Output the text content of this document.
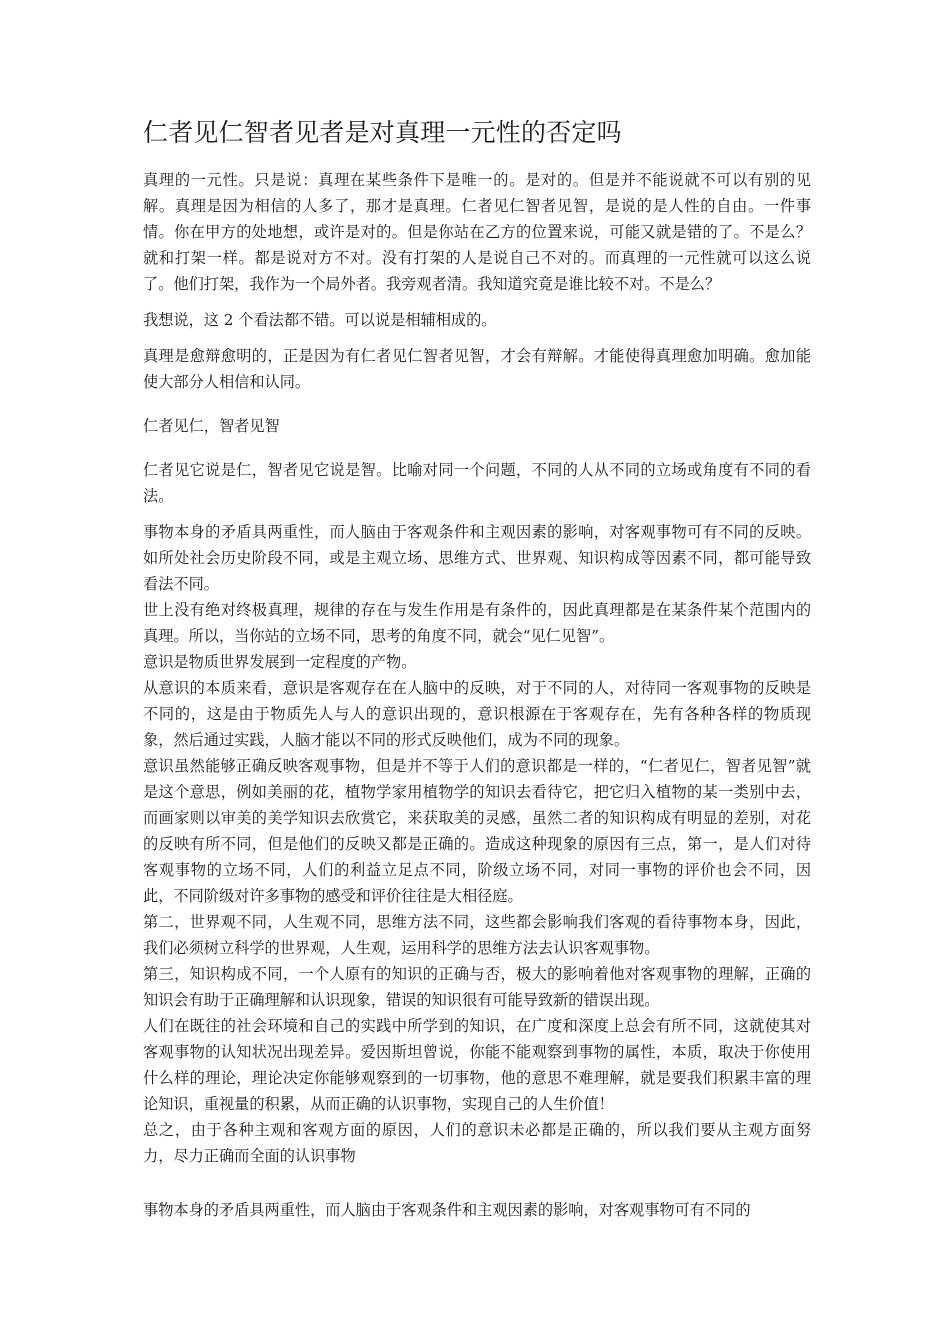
仁者见仁智者见者是对真理一元性的否定吗

真理的一元性。只是说：真理在某些条件下是唯一的。是对的。但是并不能说就不可以有别的见解。真理是因为相信的人多了，那才是真理。仁者见仁智者见智，是说的是人性的自由。一件事情。你在甲方的处地想，或许是对的。但是你站在乙方的位置来说，可能又就是错的了。不是么？就和打架一样。都是说对方不对。没有打架的人是说自己不对的。而真理的一元性就可以这么说了。他们打架，我作为一个局外者。我旁观者清。我知道究竟是谁比较不对。不是么？

我想说，这 2 个看法都不错。可以说是相辅相成的。

真理是愈辩愈明的，正是因为有仁者见仁智者见智，才会有辩解。才能使得真理愈加明确。愈加能使大部分人相信和认同。

仁者见仁，智者见智

仁者见它说是仁，智者见它说是智。比喻对同一个问题，不同的人从不同的立场或角度有不同的看法。

事物本身的矛盾具两重性，而人脑由于客观条件和主观因素的影响，对客观事物可有不同的反映。如所处社会历史阶段不同，或是主观立场、思维方式、世界观、知识构成等因素不同，都可能导致看法不同。

世上没有绝对终极真理，规律的存在与发生作用是有条件的，因此真理都是在某条件某个范围内的真理。所以，当你站的立场不同，思考的角度不同，就会“见仁见智”。

意识是物质世界发展到一定程度的产物。

从意识的本质来看，意识是客观存在在人脑中的反映，对于不同的人，对待同一客观事物的反映是不同的，这是由于物质先人与人的意识出现的，意识根源在于客观存在，先有各种各样的物质现象，然后通过实践，人脑才能以不同的形式反映他们，成为不同的现象。

意识虽然能够正确反映客观事物，但是并不等于人们的意识都是一样的，“仁者见仁，智者见智”就是这个意思，例如美丽的花，植物学家用植物学的知识去看待它，把它归入植物的某一类别中去，而画家则以审美的美学知识去欣赏它，来获取美的灵感，虽然二者的知识构成有明显的差别，对花的反映有所不同，但是他们的反映又都是正确的。造成这种现象的原因有三点，第一，是人们对待客观事物的立场不同，人们的利益立足点不同，阶级立场不同，对同一事物的评价也会不同，因此，不同阶级对许多事物的感受和评价往往是大相径庭。

第二，世界观不同，人生观不同，思维方法不同，这些都会影响我们客观的看待事物本身，因此，我们必须树立科学的世界观，人生观，运用科学的思维方法去认识客观事物。

第三，知识构成不同，一个人原有的知识的正确与否，极大的影响着他对客观事物的理解，正确的知识会有助于正确理解和认识现象，错误的知识很有可能导致新的错误出现。

人们在既往的社会环境和自己的实践中所学到的知识，在广度和深度上总会有所不同，这就使其对客观事物的认知状况出现差异。爱因斯坦曾说，你能不能观察到事物的属性，本质，取决于你使用什么样的理论，理论决定你能够观察到的一切事物，他的意思不难理解，就是要我们积累丰富的理论知识，重视量的积累，从而正确的认识事物，实现自己的人生价值！

总之，由于各种主观和客观方面的原因，人们的意识未必都是正确的，所以我们要从主观方面努力，尽力正确而全面的认识事物

事物本身的矛盾具两重性，而人脑由于客观条件和主观因素的影响，对客观事物可有不同的
